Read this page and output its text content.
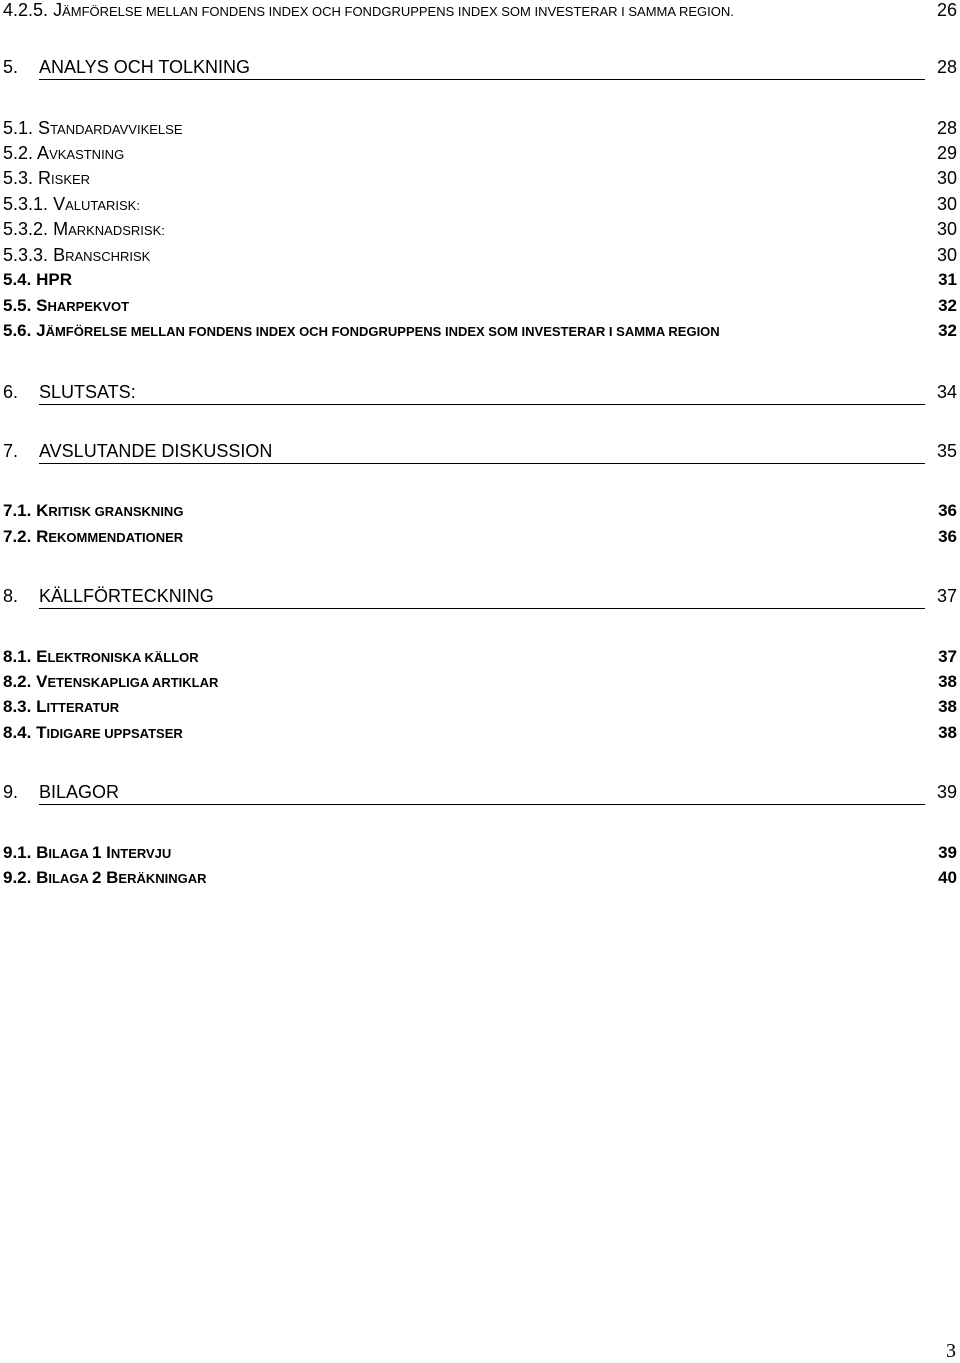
4.2.5. JÄMFÖRELSE MELLAN FONDENS INDEX OCH FONDGRUPPENS INDEX SOM INVESTERAR I SAMMA REGION.	26
5.	ANALYS OCH TOLKNING	28
5.1. STANDARDAVVIKELSE	28
5.2. AVKASTNING	29
5.3. RISKER	30
5.3.1. VALUTARISK:	30
5.3.2. MARKNADSRISK:	30
5.3.3. BRANSCHRISK	30
5.4. HPR	31
5.5. SHARPEKVOT	32
5.6. JÄMFÖRELSE MELLAN FONDENS INDEX OCH FONDGRUPPENS INDEX SOM INVESTERAR I SAMMA REGION	32
6.	SLUTSATS:	34
7.	AVSLUTANDE DISKUSSION	35
7.1. KRITISK GRANSKNING	36
7.2. REKOMMENDATIONER	36
8.	KÄLLFÖRTECKNING	37
8.1. ELEKTRONISKA KÄLLOR	37
8.2. VETENSKAPLIGA ARTIKLAR	38
8.3. LITTERATUR	38
8.4. TIDIGARE UPPSATSER	38
9.	BILAGOR	39
9.1. BILAGA 1 INTERVJU	39
9.2. BILAGA 2 BERÄKNINGAR	40
3
